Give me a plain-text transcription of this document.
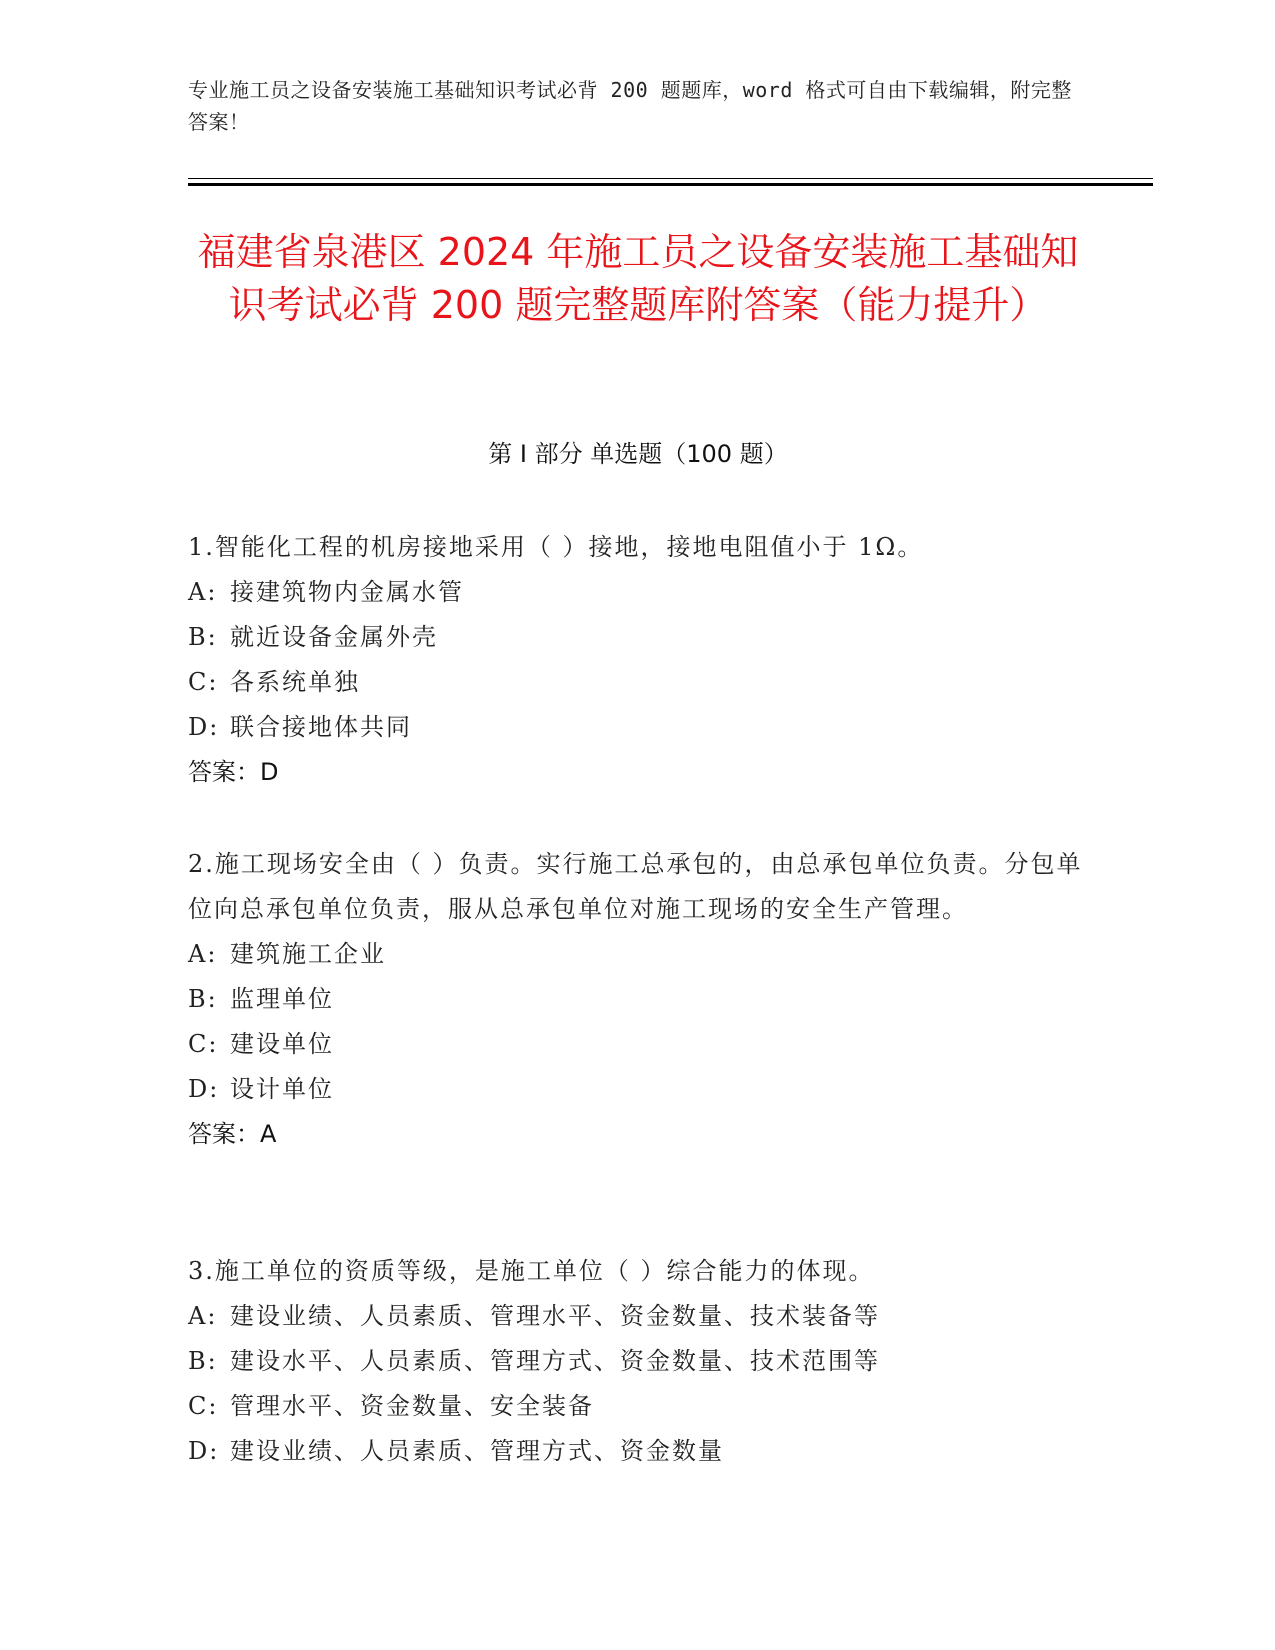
专业施工员之设备安装施工基础知识考试必背 200 题题库，word 格式可自由下载编辑，附完整答案！
福建省泉港区 2024 年施工员之设备安装施工基础知识考试必背 200 题完整题库附答案（能力提升）
第 I 部分 单选题（100 题）
1.智能化工程的机房接地采用（ ）接地，接地电阻值小于 1Ω。
A: 接建筑物内金属水管
B: 就近设备金属外壳
C: 各系统单独
D: 联合接地体共同
答案：D
2.施工现场安全由（ ）负责。实行施工总承包的，由总承包单位负责。分包单位向总承包单位负责，服从总承包单位对施工现场的安全生产管理。
A: 建筑施工企业
B: 监理单位
C: 建设单位
D: 设计单位
答案：A
3.施工单位的资质等级，是施工单位（ ）综合能力的体现。
A: 建设业绩、人员素质、管理水平、资金数量、技术装备等
B: 建设水平、人员素质、管理方式、资金数量、技术范围等
C: 管理水平、资金数量、安全装备
D: 建设业绩、人员素质、管理方式、资金数量
